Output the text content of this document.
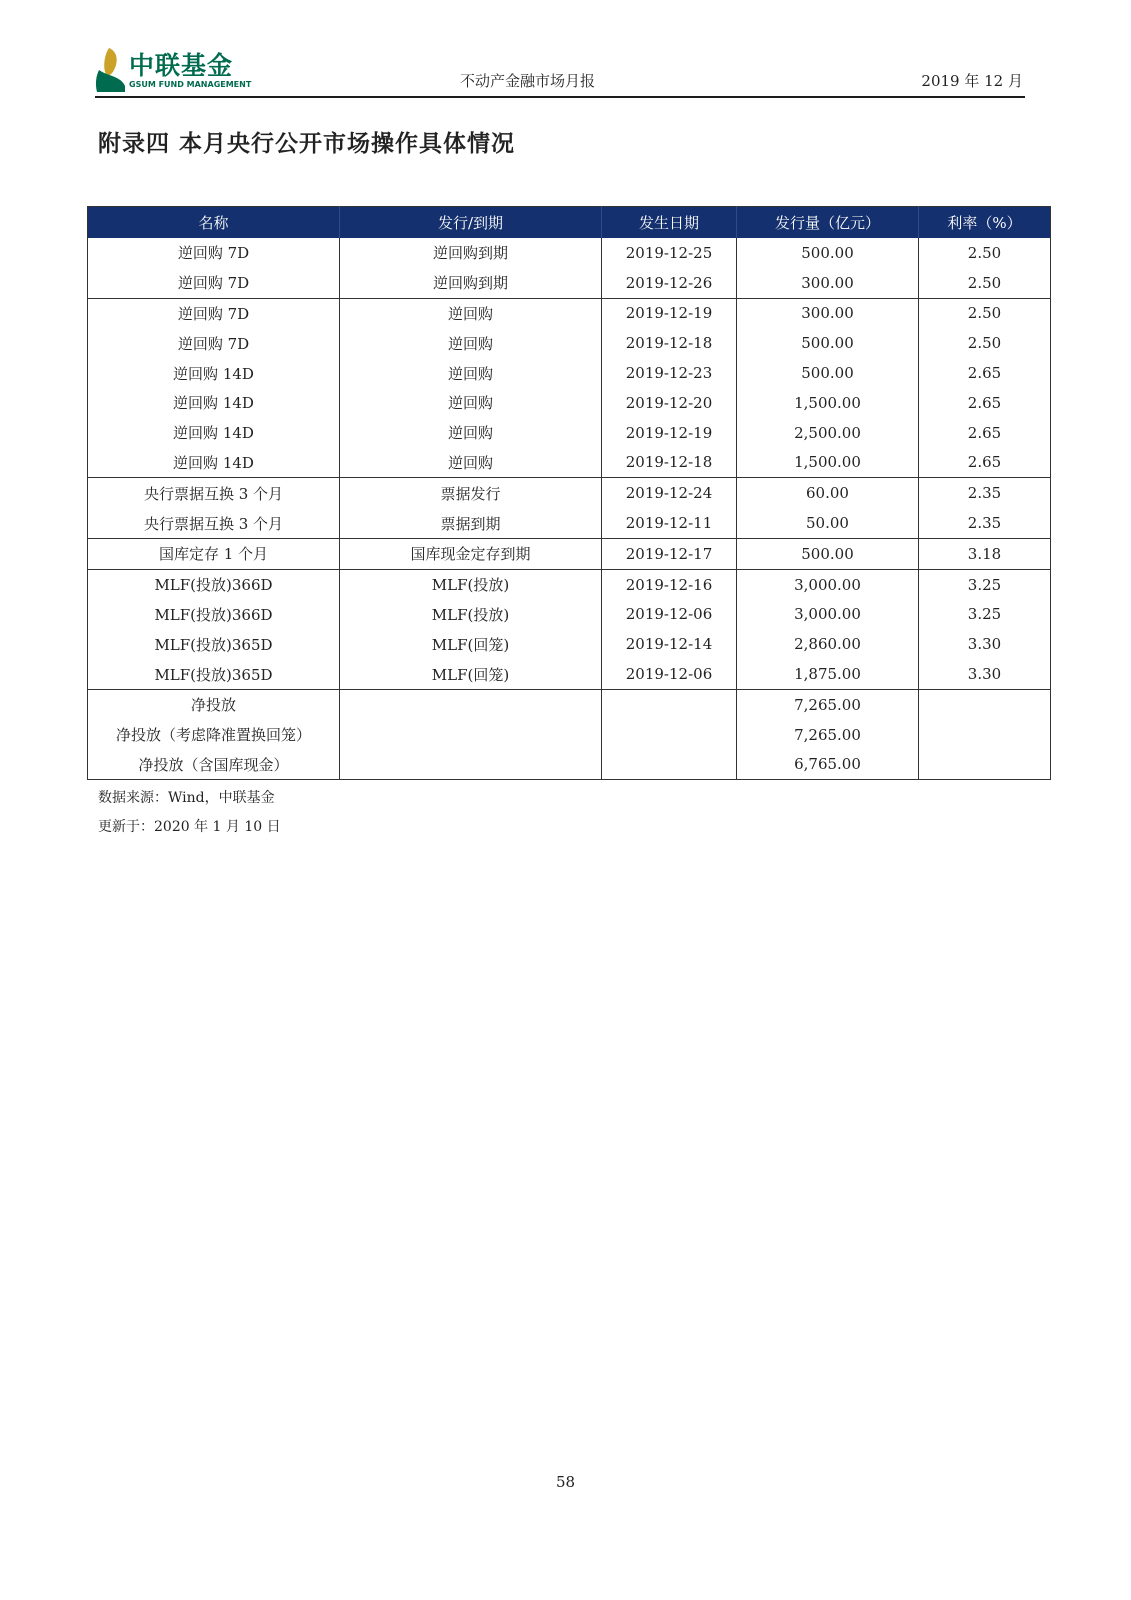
中联基金
GSUM FUND MANAGEMENT	不动产金融市场月报	2019 年 12 月
附录四 本月央行公开市场操作具体情况
名称	发行/到期	发生日期	发行量（亿元）	利率（%）
逆回购 7D	逆回购到期	2019-12-25	500.00	2.50
逆回购 7D	逆回购到期	2019-12-26	300.00	2.50
逆回购 7D	逆回购	2019-12-19	300.00	2.50
逆回购 7D	逆回购	2019-12-18	500.00	2.50
逆回购 14D	逆回购	2019-12-23	500.00	2.65
逆回购 14D	逆回购	2019-12-20	1,500.00	2.65
逆回购 14D	逆回购	2019-12-19	2,500.00	2.65
逆回购 14D	逆回购	2019-12-18	1,500.00	2.65
央行票据互换 3 个月	票据发行	2019-12-24	60.00	2.35
央行票据互换 3 个月	票据到期	2019-12-11	50.00	2.35
国库定存 1 个月	国库现金定存到期	2019-12-17	500.00	3.18
MLF(投放)366D	MLF(投放)	2019-12-16	3,000.00	3.25
MLF(投放)366D	MLF(投放)	2019-12-06	3,000.00	3.25
MLF(投放)365D	MLF(回笼)	2019-12-14	2,860.00	3.30
MLF(投放)365D	MLF(回笼)	2019-12-06	1,875.00	3.30
净投放			7,265.00	
净投放（考虑降准置换回笼）			7,265.00	
净投放（含国库现金）			6,765.00	
数据来源：Wind，中联基金
更新于：2020 年 1 月 10 日
58
